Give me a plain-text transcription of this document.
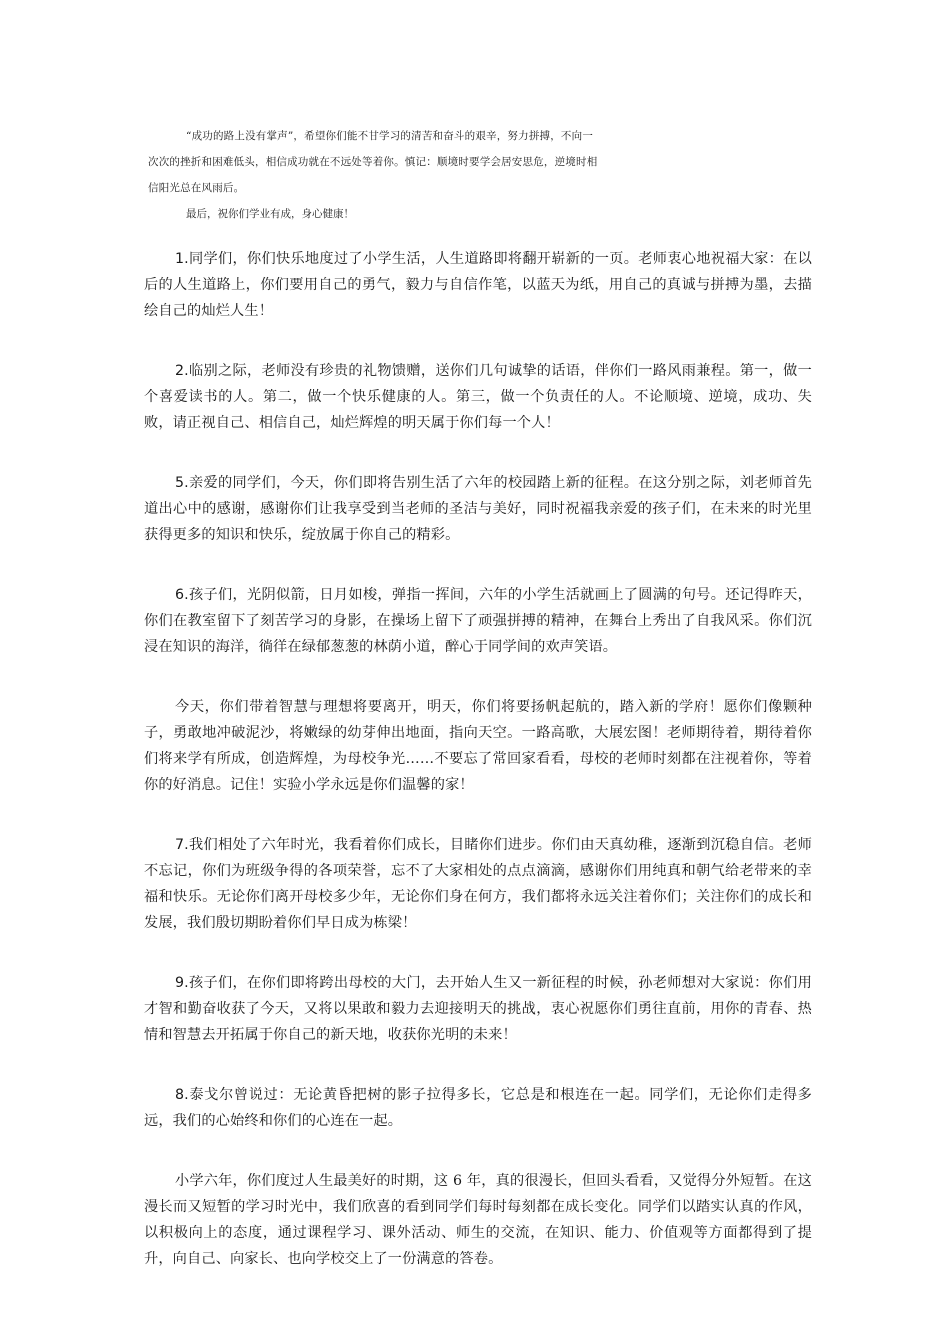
“成功的路上没有掌声”，希望你们能不甘学习的清苦和奋斗的艰辛，努力拼搏，不向一
次次的挫折和困难低头，相信成功就在不远处等着你。慎记：顺境时要学会居安思危，逆境时相
信阳光总在风雨后。
最后，祝你们学业有成，身心健康！

1.同学们，你们快乐地度过了小学生活，人生道路即将翻开崭新的一页。老师衷心地祝福大家：在以后的人生道路上，你们要用自己的勇气，毅力与自信作笔，以蓝天为纸，用自己的真诚与拼搏为墨，去描绘自己的灿烂人生！

2.临别之际，老师没有珍贵的礼物馈赠，送你们几句诚挚的话语，伴你们一路风雨兼程。第一，做一个喜爱读书的人。第二，做一个快乐健康的人。第三，做一个负责任的人。不论顺境、逆境，成功、失败，请正视自己、相信自己，灿烂辉煌的明天属于你们每一个人！

5.亲爱的同学们，今天，你们即将告别生活了六年的校园踏上新的征程。在这分别之际，刘老师首先道出心中的感谢，感谢你们让我享受到当老师的圣洁与美好，同时祝福我亲爱的孩子们，在未来的时光里获得更多的知识和快乐，绽放属于你自己的精彩。

6.孩子们，光阴似箭，日月如梭，弹指一挥间，六年的小学生活就画上了圆满的句号。还记得昨天，你们在教室留下了刻苦学习的身影，在操场上留下了顽强拼搏的精神，在舞台上秀出了自我风采。你们沉浸在知识的海洋，徜徉在绿郁葱葱的林荫小道，醉心于同学间的欢声笑语。

今天，你们带着智慧与理想将要离开，明天，你们将要扬帆起航的，踏入新的学府！愿你们像颗种子，勇敢地冲破泥沙，将嫩绿的幼芽伸出地面，指向天空。一路高歌，大展宏图！老师期待着，期待着你们将来学有所成，创造辉煌，为母校争光……不要忘了常回家看看，母校的老师时刻都在注视着你，等着你的好消息。记住！实验小学永远是你们温馨的家！

7.我们相处了六年时光，我看着你们成长，目睹你们进步。你们由天真幼稚，逐渐到沉稳自信。老师不忘记，你们为班级争得的各项荣誉，忘不了大家相处的点点滴滴，感谢你们用纯真和朝气给老带来的幸福和快乐。无论你们离开母校多少年，无论你们身在何方，我们都将永远关注着你们；关注你们的成长和发展，我们殷切期盼着你们早日成为栋梁！

9.孩子们，在你们即将跨出母校的大门，去开始人生又一新征程的时候，孙老师想对大家说：你们用才智和勤奋收获了今天，又将以果敢和毅力去迎接明天的挑战，衷心祝愿你们勇往直前，用你的青春、热情和智慧去开拓属于你自己的新天地，收获你光明的未来！

8.泰戈尔曾说过：无论黄昏把树的影子拉得多长，它总是和根连在一起。同学们，无论你们走得多远，我们的心始终和你们的心连在一起。

小学六年，你们度过人生最美好的时期，这 6 年，真的很漫长，但回头看看，又觉得分外短暂。在这漫长而又短暂的学习时光中，我们欣喜的看到同学们每时每刻都在成长变化。同学们以踏实认真的作风，以积极向上的态度，通过课程学习、课外活动、师生的交流，在知识、能力、价值观等方面都得到了提升，向自己、向家长、也向学校交上了一份满意的答卷。
